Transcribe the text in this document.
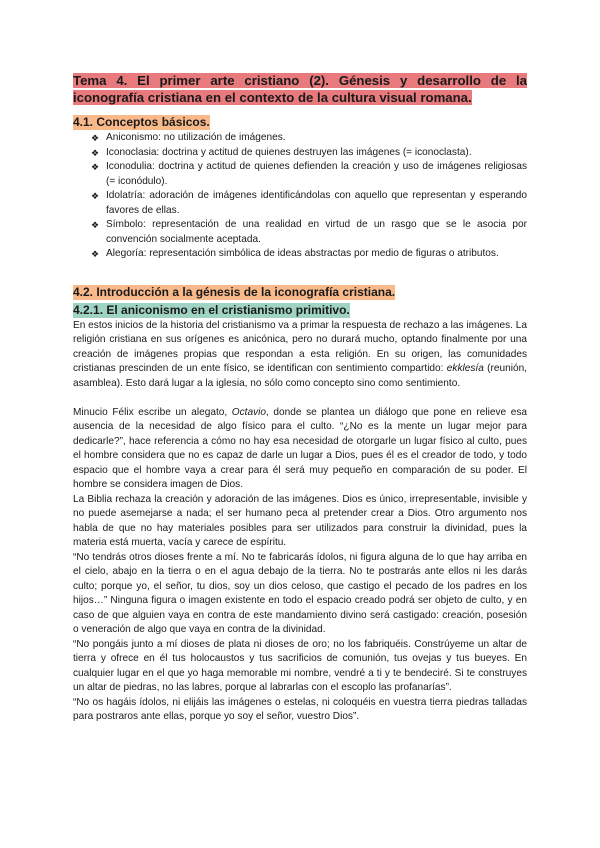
Tema 4. El primer arte cristiano (2). Génesis y desarrollo de la iconografía cristiana en el contexto de la cultura visual romana.

4.1. Conceptos básicos.
❖ Aniconismo: no utilización de imágenes.
❖ Iconoclasia: doctrina y actitud de quienes destruyen las imágenes (= iconoclasta).
❖ Iconodulia: doctrina y actitud de quienes defienden la creación y uso de imágenes religiosas (= iconódulo).
❖ Idolatría: adoración de imágenes identificándolas con aquello que representan y esperando favores de ellas.
❖ Símbolo: representación de una realidad en virtud de un rasgo que se le asocia por convención socialmente aceptada.
❖ Alegoría: representación simbólica de ideas abstractas por medio de figuras o atributos.
4.2. Introducción a la génesis de la iconografía cristiana.
4.2.1. El aniconismo en el cristianismo primitivo.

En estos inicios de la historia del cristianismo va a primar la respuesta de rechazo a las imágenes. La religión cristiana en sus orígenes es anicónica, pero no durará mucho, optando finalmente por una creación de imágenes propias que respondan a esta religión. En su origen, las comunidades cristianas prescinden de un ente físico, se identifican con sentimiento compartido: ekklesía (reunión, asamblea). Esto dará lugar a la iglesia, no sólo como concepto sino como sentimiento.

Minucio Félix escribe un alegato, Octavio, donde se plantea un diálogo que pone en relieve esa ausencia de la necesidad de algo físico para el culto. “¿No es la mente un lugar mejor para dedicarle?”, hace referencia a cómo no hay esa necesidad de otorgarle un lugar físico al culto, pues el hombre considera que no es capaz de darle un lugar a Dios, pues él es el creador de todo, y todo espacio que el hombre vaya a crear para él será muy pequeño en comparación de su poder. El hombre se considera imagen de Dios.

La Biblia rechaza la creación y adoración de las imágenes. Dios es único, irrepresentable, invisible y no puede asemejarse a nada; el ser humano peca al pretender crear a Dios. Otro argumento nos habla de que no hay materiales posibles para ser utilizados para construir la divinidad, pues la materia está muerta, vacía y carece de espíritu.

“No tendrás otros dioses frente a mí. No te fabricarás ídolos, ni figura alguna de lo que hay arriba en el cielo, abajo en la tierra o en el agua debajo de la tierra. No te postrarás ante ellos ni les darás culto; porque yo, el señor, tu dios, soy un dios celoso, que castigo el pecado de los padres en los hijos…” Ninguna figura o imagen existente en todo el espacio creado podrá ser objeto de culto, y en caso de que alguien vaya en contra de este mandamiento divino será castigado: creación, posesión o veneración de algo que vaya en contra de la divinidad.

“No pongáis junto a mí dioses de plata ni dioses de oro; no los fabriquéis. Constrúyeme un altar de tierra y ofrece en él tus holocaustos y tus sacrificios de comunión, tus ovejas y tus bueyes. En cualquier lugar en el que yo haga memorable mi nombre, vendré a ti y te bendeciré. Si te construyes un altar de piedras, no las labres, porque al labrarlas con el escoplo las profanarías”.

“No os hagáis ídolos, ni elijáis las imágenes o estelas, ni coloquéis en vuestra tierra piedras talladas para postraros ante ellas, porque yo soy el señor, vuestro Dios”.
